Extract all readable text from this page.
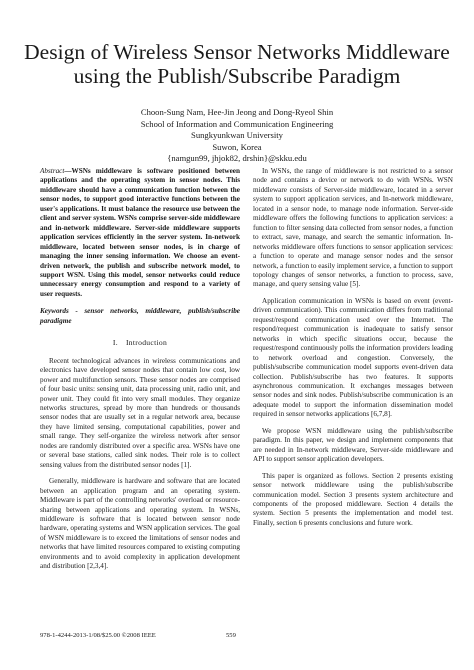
Design of Wireless Sensor Networks Middleware
using the Publish/Subscribe Paradigm
Choon-Sung Nam, Hee-Jin Jeong and Dong-Ryeol Shin
School of Information and Communication Engineering
Sungkyunkwan University
Suwon, Korea
{namgun99, jhjok82, drshin}@skku.edu

Abstract—WSNs middleware is software positioned between applications and the operating system in sensor nodes. This middleware should have a communication function between the sensor nodes, to support good interactive functions between the user's applications. It must balance the resource use between the client and server system. WSNs comprise server-side middleware and in-network middleware. Server-side middleware supports application services efficiently in the server system. In-network middleware, located between sensor nodes, is in charge of managing the inner sensing information. We choose an event-driven network, the publish and subscribe network model, to support WSN. Using this model, sensor networks could reduce unnecessary energy consumption and respond to a variety of user requests.

Keywords - sensor networks, middleware, publish/subscribe paradigme

I. Introduction

Recent technological advances in wireless communications and electronics have developed sensor nodes that contain low cost, low power and multifunction sensors. These sensor nodes are comprised of four basic units: sensing unit, data processing unit, radio unit, and power unit. They could fit into very small modules. They organize networks structures, spread by more than hundreds or thousands sensor nodes that are usually set in a regular network area, because they have limited sensing, computational capabilities, power and small range. They self-organize the wireless network after sensor nodes are randomly distributed over a specific area. WSNs have one or several base stations, called sink nodes. Their role is to collect sensing values from the distributed sensor nodes [1].

Generally, middleware is hardware and software that are located between an application program and an operating system. Middleware is part of the controlling networks' overload or resource-sharing between applications and operating system. In WSNs, middleware is software that is located between sensor node hardware, operating systems and WSN application services. The goal of WSN middleware is to exceed the limitations of sensor nodes and networks that have limited resources compared to existing computing environments and to avoid complexity in application development and distribution [2,3,4].

In WSNs, the range of middleware is not restricted to a sensor node and contains a device or network to do with WSNs. WSN middleware consists of Server-side middleware, located in a server system to support application services, and In-network middleware, located in a sensor node, to manage node information. Server-side middleware offers the following functions to application services: a function to filter sensing data collected from sensor nodes, a function to extract, save, manage, and search the semantic information. In-networks middleware offers functions to sensor application services: a function to operate and manage sensor nodes and the sensor network, a function to easily implement service, a function to support topology changes of sensor networks, a function to process, save, manage, and query sensing value [5].

Application communication in WSNs is based on event (event-driven communication). This communication differs from traditional request/respond communication used over the Internet. The respond/request communication is inadequate to satisfy sensor networks in which specific situations occur, because the request/respond continuously polls the information providers leading to network overload and congestion. Conversely, the publish/subscribe communication model supports event-driven data collection. Publish/subscribe has two features. It supports asynchronous communication. It exchanges messages between sensor nodes and sink nodes. Publish/subscribe communication is an adequate model to support the information dissemination model required in sensor networks applications [6,7,8].

We propose WSN middleware using the publish/subscribe paradigm. In this paper, we design and implement components that are needed in In-network middleware, Server-side middleware and API to support sensor application developers.

This paper is organized as follows. Section 2 presents existing sensor network middleware using the publish/subscribe communication model. Section 3 presents system architecture and components of the proposed middleware. Section 4 details the system. Section 5 presents the implementation and model test. Finally, section 6 presents conclusions and future work.

978-1-4244-2013-1/08/$25.00 ©2008 IEEE	559
